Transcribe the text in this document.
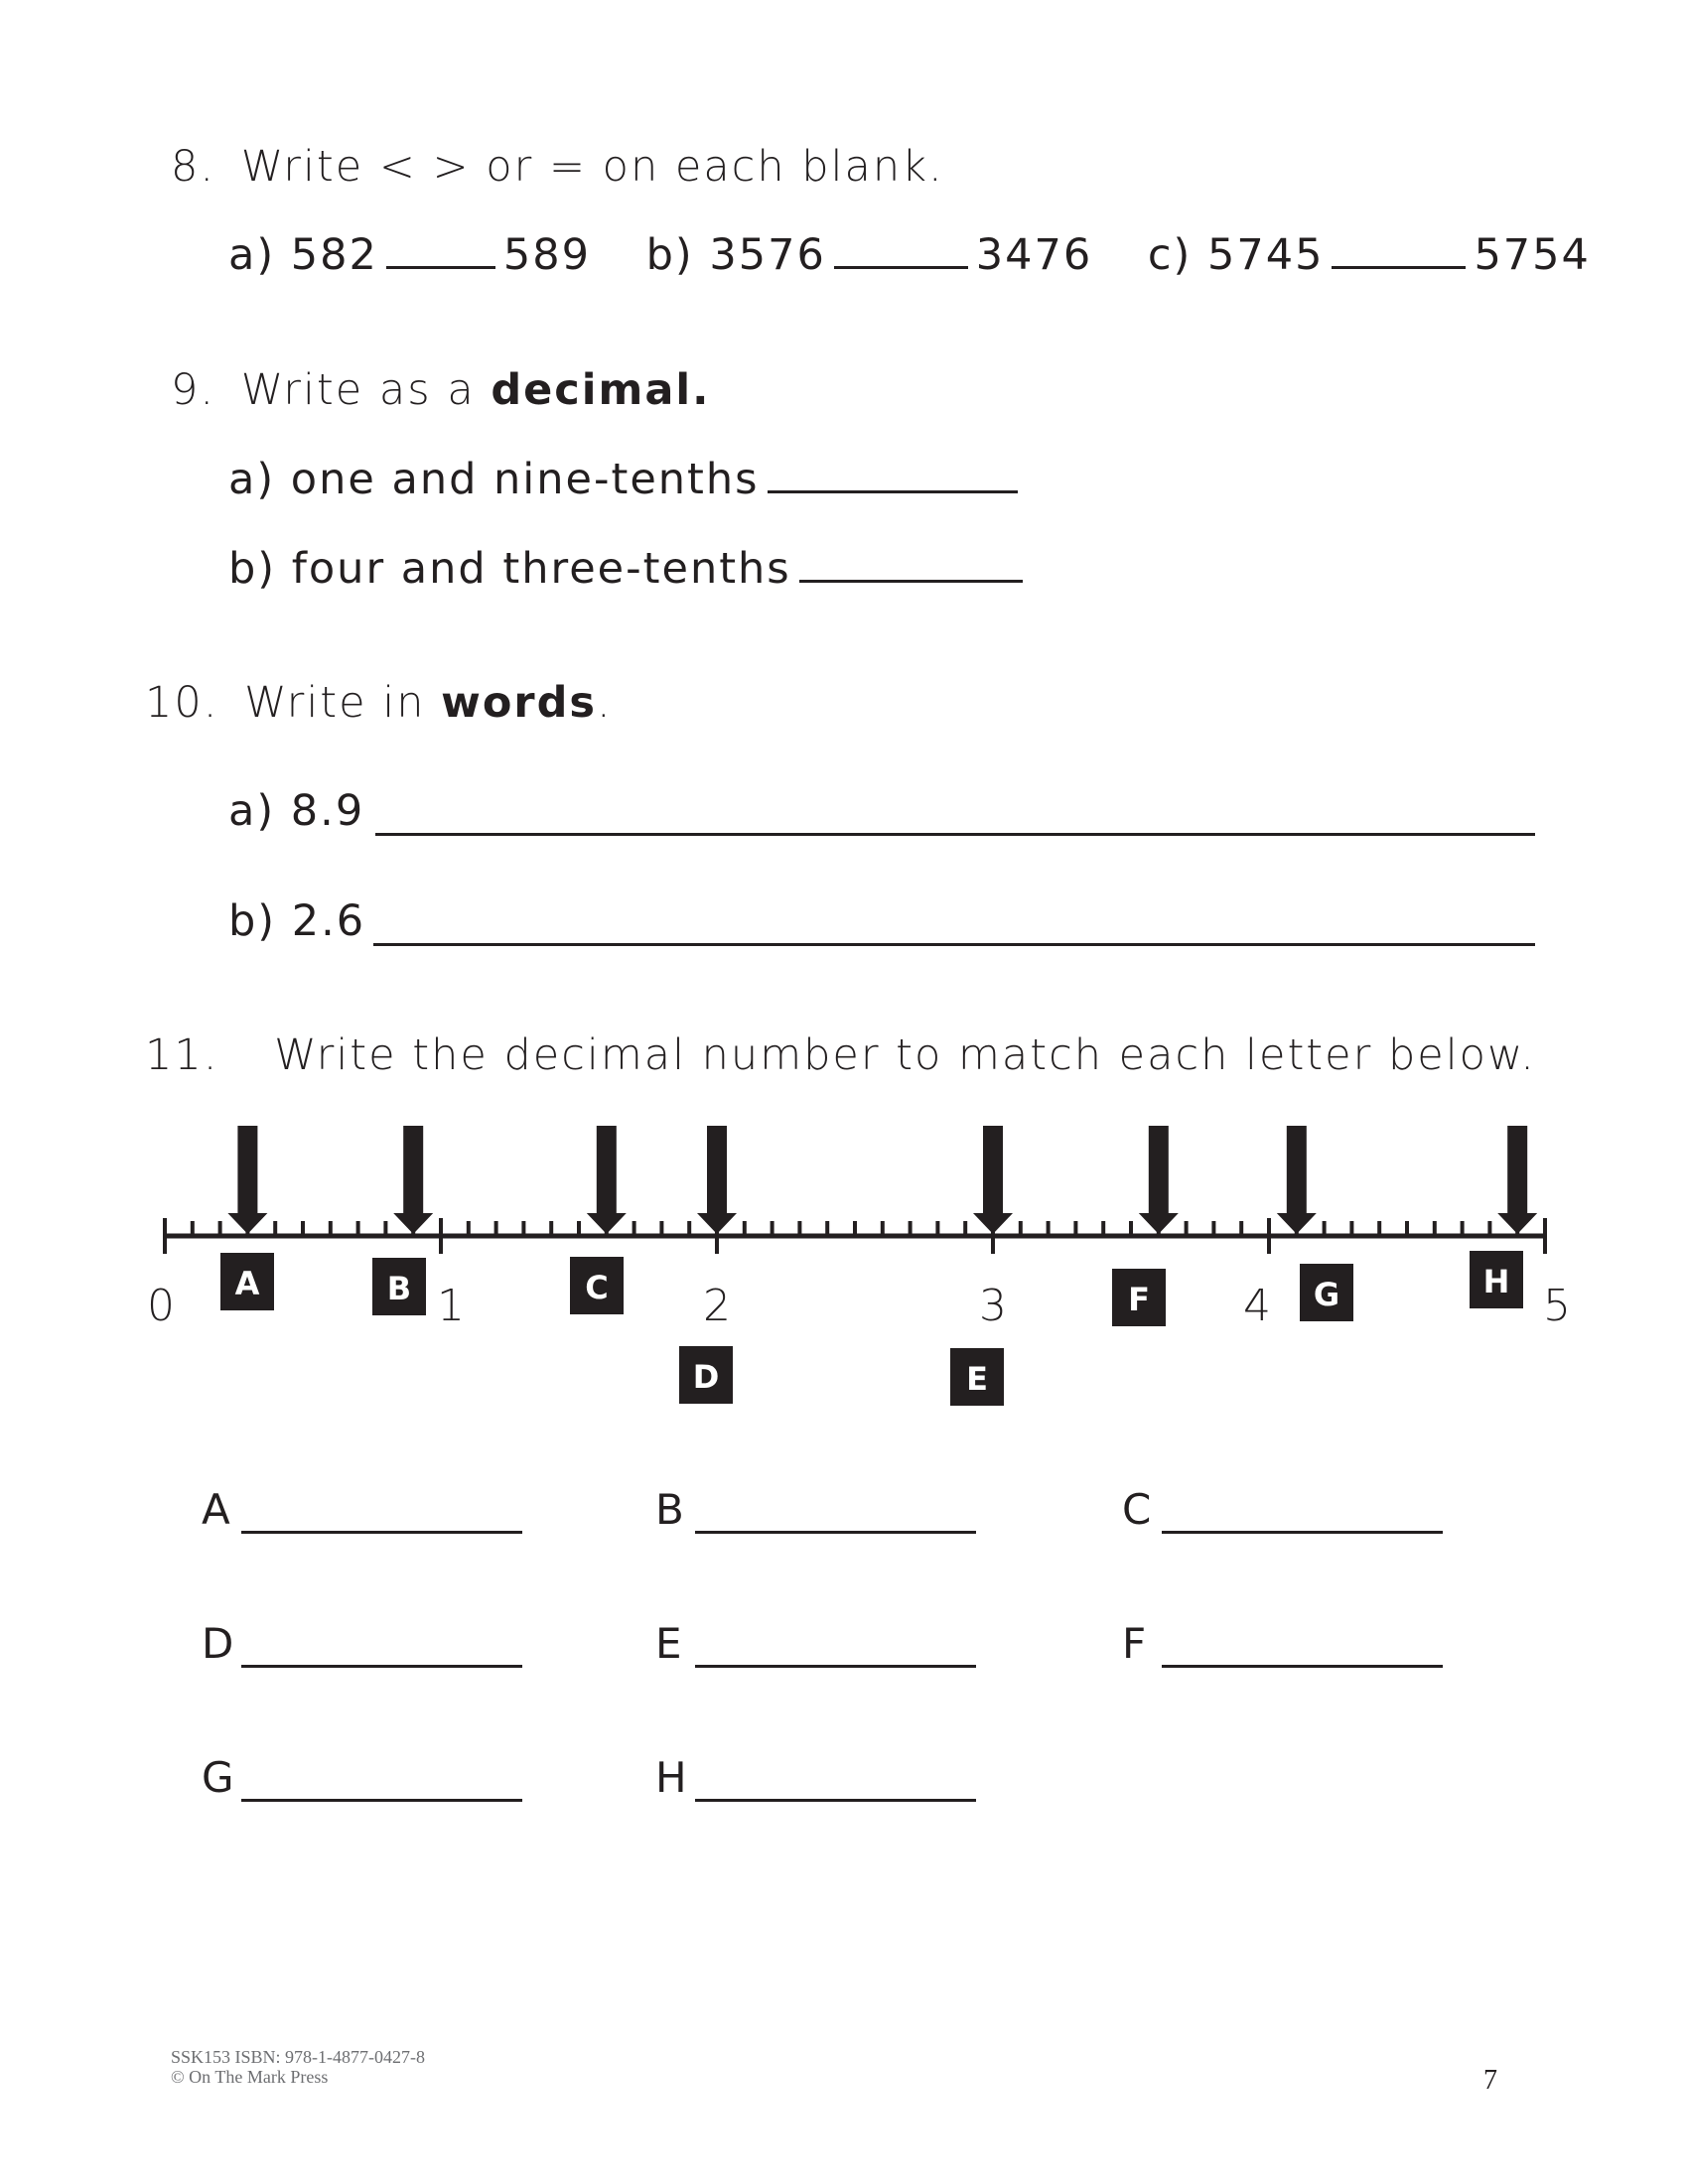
8. Write < > or = on each blank.
a) 582	589 b) 3576	3476 c) 5745	5754
9. Write as a decimal.
a) one and nine-tenths
b) four and three-tenths
10. Write in words.
a) 8.9
b) 2.6
11. Write the decimal number to match each letter below.
0	1	2	3	4	5
A	B	C
D	E
F	G	H
A	B	C
D	E	F
G	H
SSK153 ISBN: 978-1-4877-0427-8
© On The Mark Press	7
